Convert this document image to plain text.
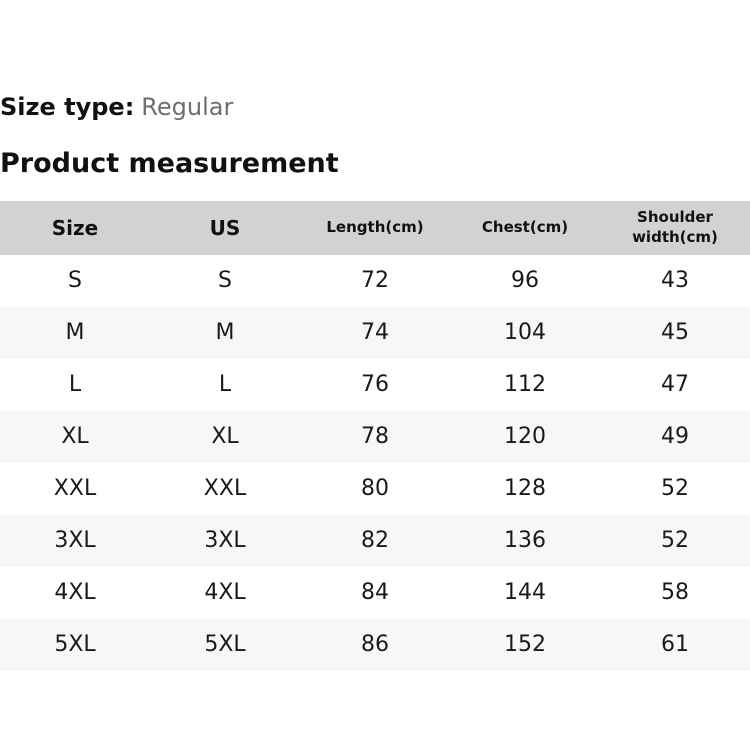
Size type: Regular

Product measurement
Size	US	Length(cm)	Chest(cm)	Shoulder width(cm)
S	S	72	96	43
M	M	74	104	45
L	L	76	112	47
XL	XL	78	120	49
XXL	XXL	80	128	52
3XL	3XL	82	136	52
4XL	4XL	84	144	58
5XL	5XL	86	152	61
